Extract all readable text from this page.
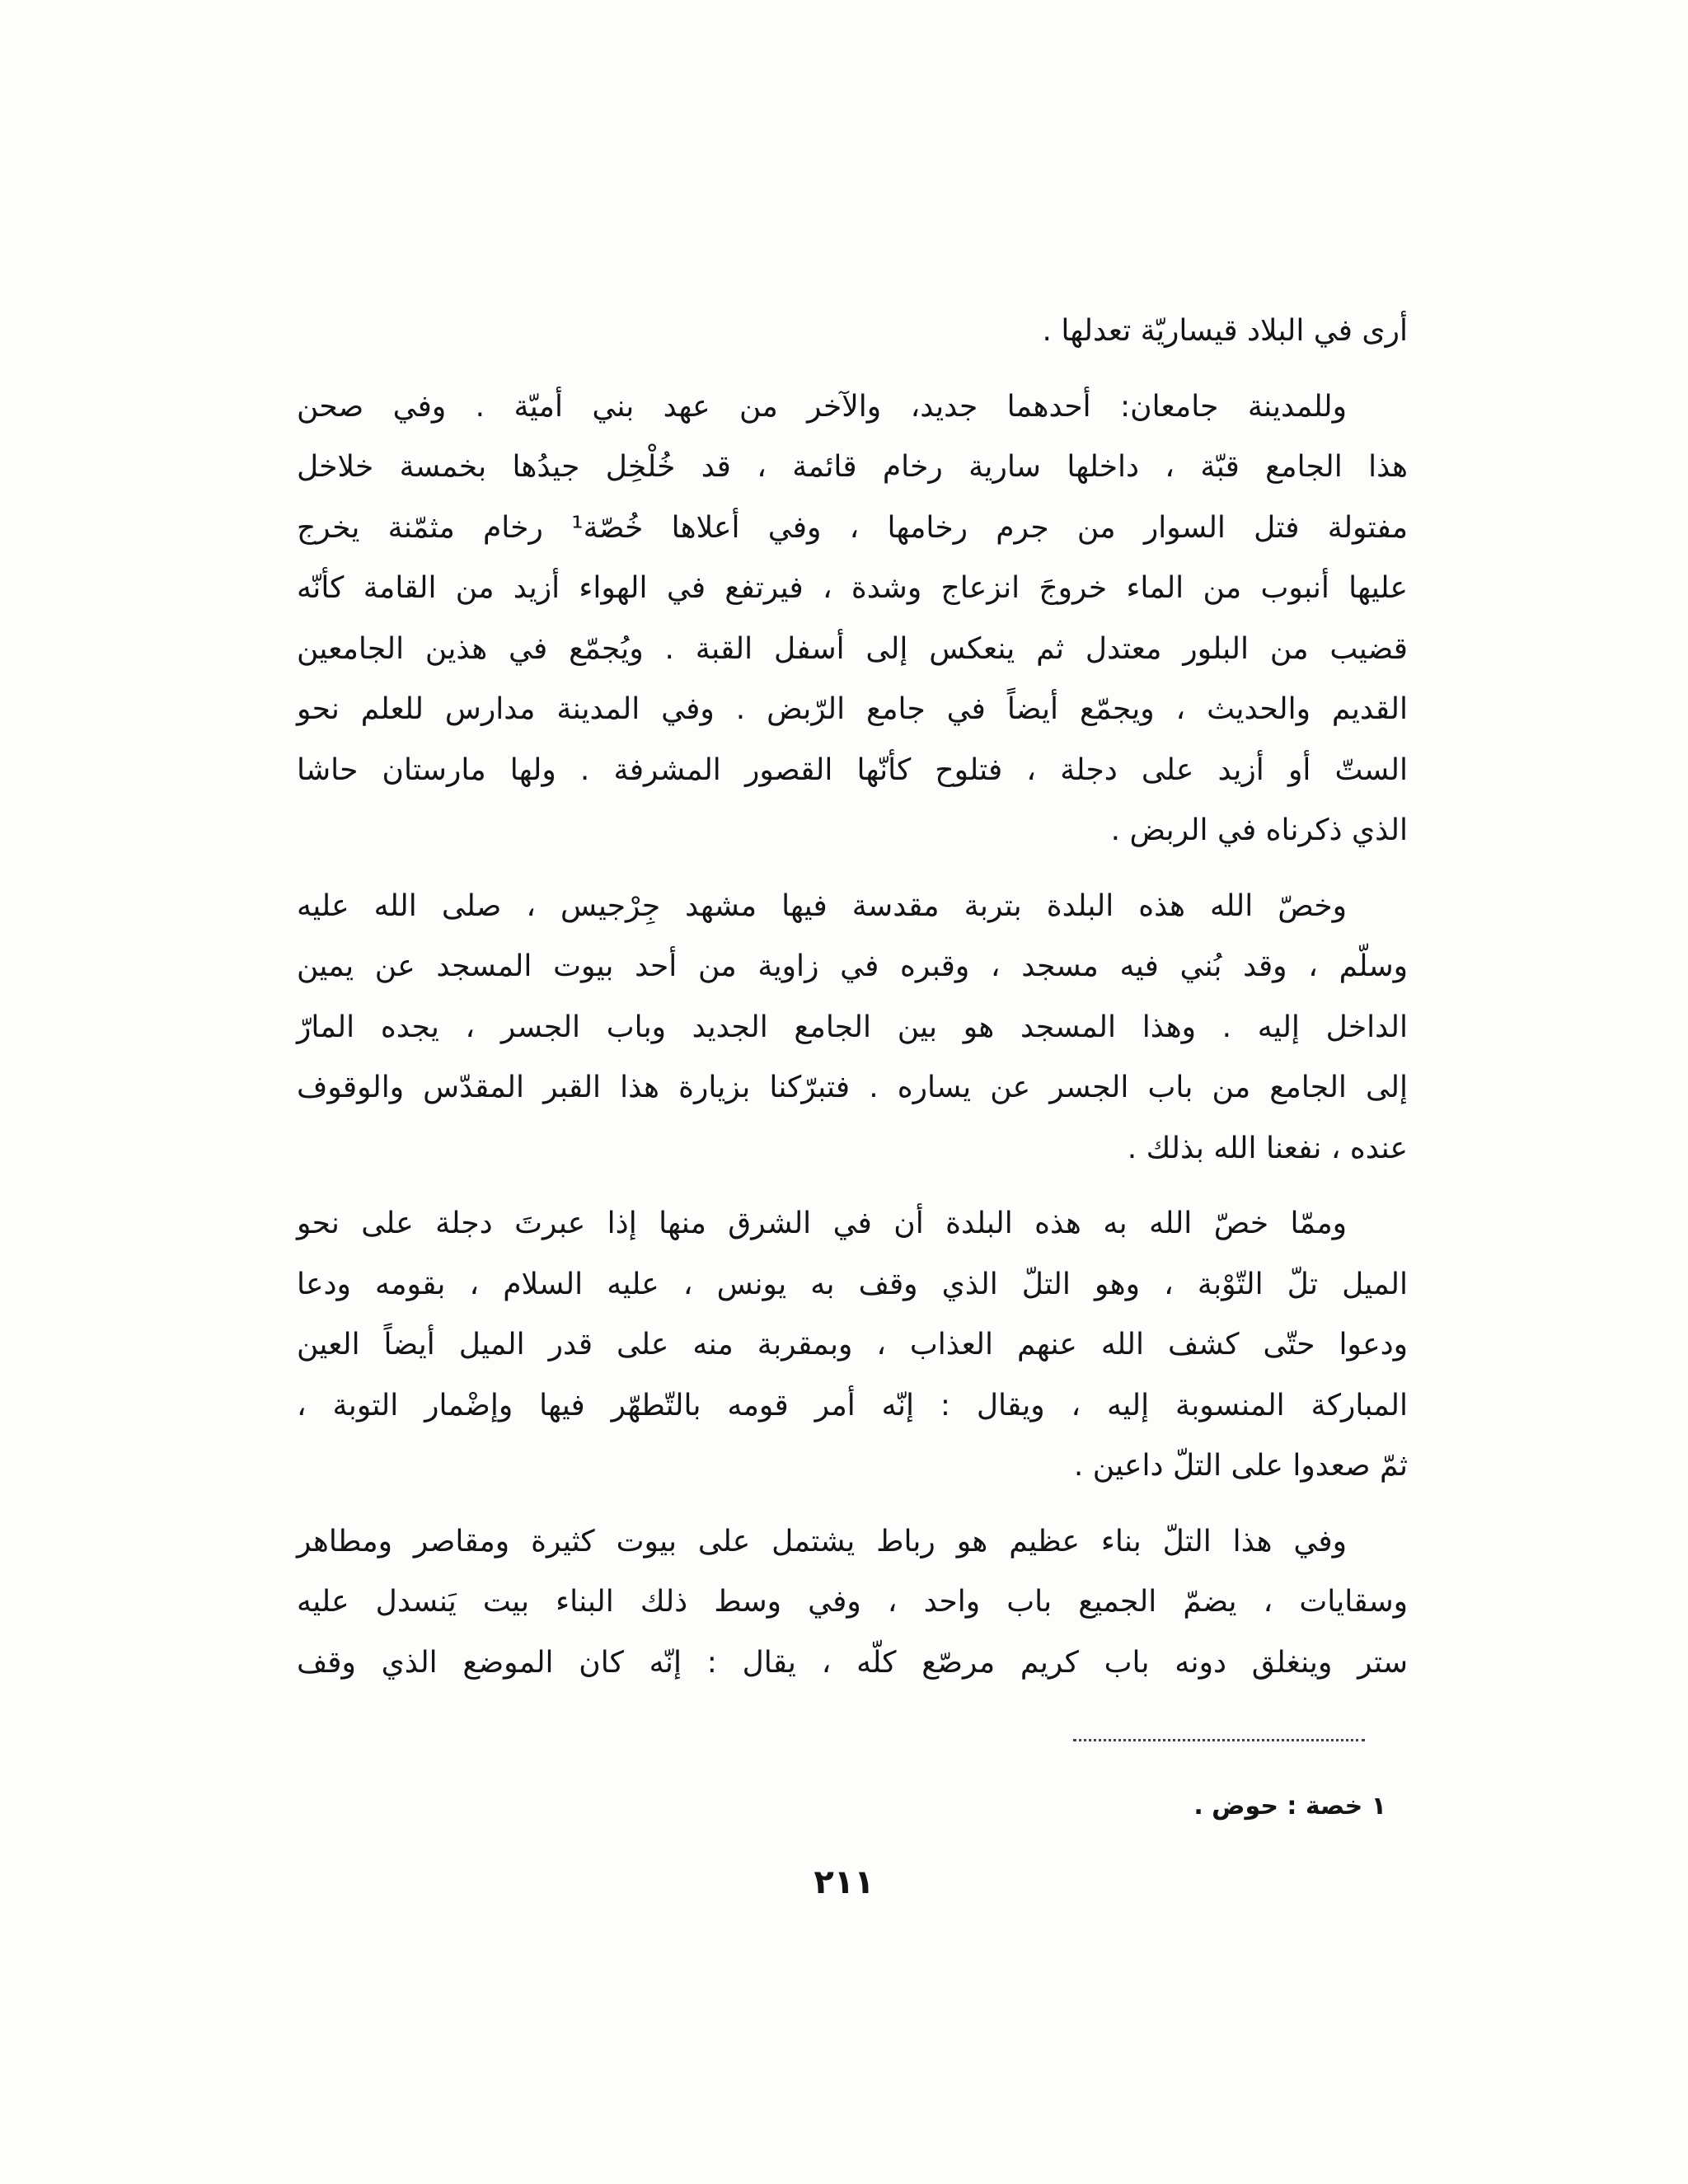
أرى في البلاد قيساريّة تعدلها .
وللمدينة جامعان: أحدهما جديد، والآخر من عهد بني أميّة . وفي صحن
هذا الجامع قبّة ، داخلها سارية رخام قائمة ، قد خُلْخِل جيدُها بخمسة خلاخل
مفتولة فتل السوار من جرم رخامها ، وفي أعلاها خُصّة¹ رخام مثمّنة يخرج
عليها أنبوب من الماء خروجَ انزعاج وشدة ، فيرتفع في الهواء أزيد من القامة كأنّه
قضيب من البلور معتدل ثم ينعكس إلى أسفل القبة . ويُجمّع في هذين الجامعين
القديم والحديث ، ويجمّع أيضاً في جامع الرّبض . وفي المدينة مدارس للعلم نحو
الستّ أو أزيد على دجلة ، فتلوح كأنّها القصور المشرفة . ولها مارستان حاشا
الذي ذكرناه في الربض .
وخصّ الله هذه البلدة بتربة مقدسة فيها مشهد جِرْجيس ، صلى الله عليه
وسلّم ، وقد بُني فيه مسجد ، وقبره في زاوية من أحد بيوت المسجد عن يمين
الداخل إليه . وهذا المسجد هو بين الجامع الجديد وباب الجسر ، يجده المارّ
إلى الجامع من باب الجسر عن يساره . فتبرّكنا بزيارة هذا القبر المقدّس والوقوف
عنده ، نفعنا الله بذلك .
وممّا خصّ الله به هذه البلدة أن في الشرق منها إذا عبرتَ دجلة على نحو
الميل تلّ التّوْبة ، وهو التلّ الذي وقف به يونس ، عليه السلام ، بقومه ودعا
ودعوا حتّى كشف الله عنهم العذاب ، وبمقربة منه على قدر الميل أيضاً العين
المباركة المنسوبة إليه ، ويقال : إنّه أمر قومه بالتّطهّر فيها وإضْمار التوبة ،
ثمّ صعدوا على التلّ داعين .
وفي هذا التلّ بناء عظيم هو رباط يشتمل على بيوت كثيرة ومقاصر ومطاهر
وسقايات ، يضمّ الجميع باب واحد ، وفي وسط ذلك البناء بيت يَنسدل عليه
ستر وينغلق دونه باب كريم مرصّع كلّه ، يقال : إنّه كان الموضع الذي وقف
١ خصة : حوض .
٢١١
